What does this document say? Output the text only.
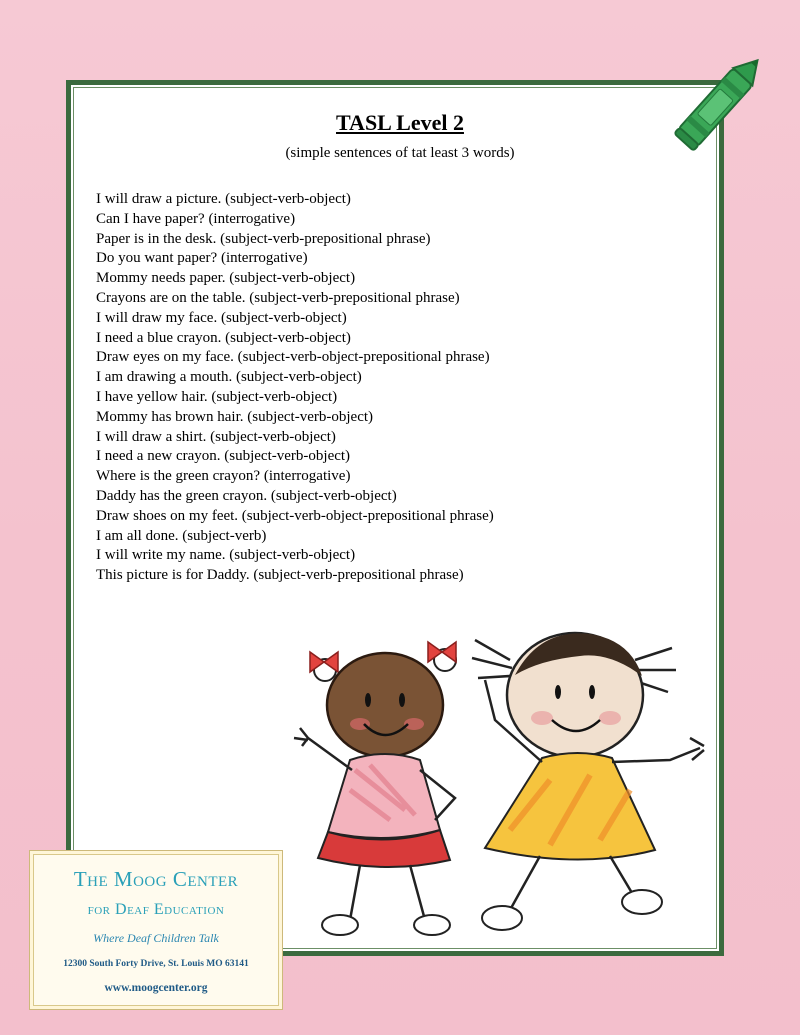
TASL Level 2
(simple sentences of tat least 3 words)
I will draw a picture. (subject-verb-object)
Can I have paper? (interrogative)
Paper is in the desk. (subject-verb-prepositional phrase)
Do you want paper? (interrogative)
Mommy needs paper. (subject-verb-object)
Crayons are on the table. (subject-verb-prepositional phrase)
I will draw my face. (subject-verb-object)
I need a blue crayon. (subject-verb-object)
Draw eyes on my face. (subject-verb-object-prepositional phrase)
I am drawing a mouth. (subject-verb-object)
I have yellow hair. (subject-verb-object)
Mommy has brown hair. (subject-verb-object)
I will draw a shirt. (subject-verb-object)
I need a new crayon. (subject-verb-object)
Where is the green crayon? (interrogative)
Daddy has the green crayon. (subject-verb-object)
Draw shoes on my feet. (subject-verb-object-prepositional phrase)
I am all done. (subject-verb)
I will write my name. (subject-verb-object)
This picture is for Daddy. (subject-verb-prepositional phrase)
The Moog Center
for Deaf Education
Where Deaf Children Talk
12300 South Forty Drive, St. Louis MO 63141
www.moogcenter.org
